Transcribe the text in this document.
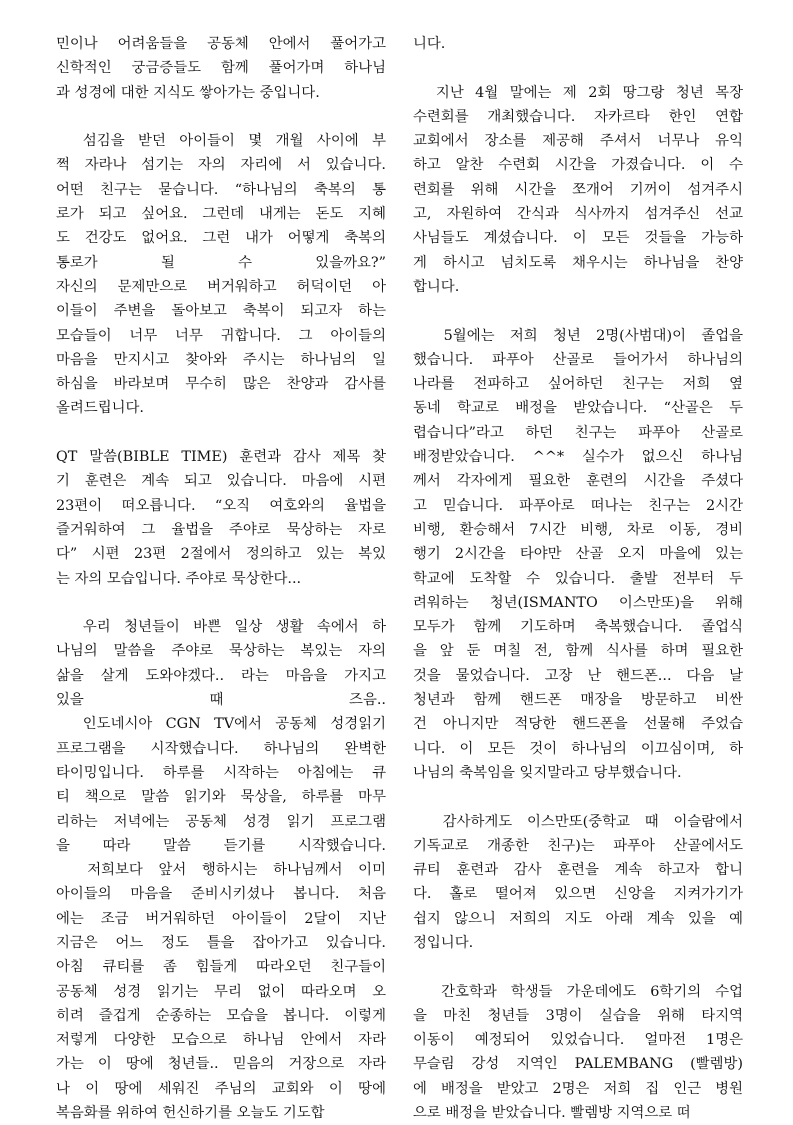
민이나 어려움들을 공동체 안에서 풀어가고
신학적인 궁금증들도 함께 풀어가며 하나님
과 성경에 대한 지식도 쌓아가는 중입니다.
섬김을 받던 아이들이 몇 개월 사이에 부
쩍 자라나 섬기는 자의 자리에 서 있습니다.
어떤 친구는 묻습니다. “하나님의 축복의 통
로가 되고 싶어요. 그런데 내게는 돈도 지혜
도 건강도 없어요. 그런 내가 어떻게 축복의
통로가 될 수 있을까요?”
자신의 문제만으로 버거워하고 허덕이던 아
이들이 주변을 돌아보고 축복이 되고자 하는
모습들이 너무 너무 귀합니다. 그 아이들의
마음을 만지시고 찾아와 주시는 하나님의 일
하심을 바라보며 무수히 많은 찬양과 감사를
올려드립니다.
QT 말씀(BIBLE TIME) 훈련과 감사 제목 찾
기 훈련은 계속 되고 있습니다. 마음에 시편
23편이 떠오릅니다. “오직 여호와의 율법을
즐거워하여 그 율법을 주야로 묵상하는 자로
다” 시편 23편 2절에서 정의하고 있는 복있
는 자의 모습입니다. 주야로 묵상한다...
우리 청년들이 바쁜 일상 생활 속에서 하
나님의 말씀을 주야로 묵상하는 복있는 자의
삶을 살게 도와야겠다.. 라는 마음을 가지고
있을 때 즈음..
인도네시아 CGN TV에서 공동체 성경읽기
프로그램을 시작했습니다. 하나님의 완벽한
타이밍입니다. 하루를 시작하는 아침에는 큐
티 책으로 말씀 읽기와 묵상을, 하루를 마무
리하는 저녁에는 공동체 성경 읽기 프로그램
을 따라 말씀 듣기를 시작했습니다.
저희보다 앞서 행하시는 하나님께서 이미
아이들의 마음을 준비시키셨나 봅니다. 처음
에는 조금 버거워하던 아이들이 2달이 지난
지금은 어느 정도 틀을 잡아가고 있습니다.
아침 큐티를 좀 힘들게 따라오던 친구들이
공동체 성경 읽기는 무리 없이 따라오며 오
히려 즐겁게 순종하는 모습을 봅니다. 이렇게
저렇게 다양한 모습으로 하나님 안에서 자라
가는 이 땅에 청년들.. 믿음의 거장으로 자라
나 이 땅에 세워진 주님의 교회와 이 땅에
복음화를 위하여 헌신하기를 오늘도 기도합
니다.
지난 4월 말에는 제 2회 땅그랑 청년 목장
수련회를 개최했습니다. 자카르타 한인 연합
교회에서 장소를 제공해 주셔서 너무나 유익
하고 알찬 수련회 시간을 가졌습니다. 이 수
련회를 위해 시간을 쪼개어 기꺼이 섬겨주시
고, 자원하여 간식과 식사까지 섬겨주신 선교
사님들도 계셨습니다. 이 모든 것들을 가능하
게 하시고 넘치도록 채우시는 하나님을 찬양
합니다.
5월에는 저희 청년 2명(사범대)이 졸업을
했습니다. 파푸아 산골로 들어가서 하나님의
나라를 전파하고 싶어하던 친구는 저희 옆
동네 학교로 배정을 받았습니다. “산골은 두
렵습니다”라고 하던 친구는 파푸아 산골로
배정받았습니다. ^^* 실수가 없으신 하나님
께서 각자에게 필요한 훈련의 시간을 주셨다
고 믿습니다. 파푸아로 떠나는 친구는 2시간
비행, 환승해서 7시간 비행, 차로 이동, 경비
행기 2시간을 타야만 산골 오지 마을에 있는
학교에 도착할 수 있습니다. 출발 전부터 두
려워하는 청년(ISMANTO 이스만또)을 위해
모두가 함께 기도하며 축복했습니다. 졸업식
을 앞 둔 며칠 전, 함께 식사를 하며 필요한
것을 물었습니다. 고장 난 핸드폰... 다음 날
청년과 함께 핸드폰 매장을 방문하고 비싼
건 아니지만 적당한 핸드폰을 선물해 주었습
니다. 이 모든 것이 하나님의 이끄심이며, 하
나님의 축복임을 잊지말라고 당부했습니다.
감사하게도 이스만또(중학교 때 이슬람에서
기독교로 개종한 친구)는 파푸아 산골에서도
큐티 훈련과 감사 훈련을 계속 하고자 합니
다. 홀로 떨어져 있으면 신앙을 지켜가기가
쉽지 않으니 저희의 지도 아래 계속 있을 예
정입니다.
간호학과 학생들 가운데에도 6학기의 수업
을 마친 청년들 3명이 실습을 위해 타지역
이동이 예정되어 있었습니다. 얼마전 1명은
무슬림 강성 지역인 PALEMBANG (빨렘방)
에 배정을 받았고 2명은 저희 집 인근 병원
으로 배정을 받았습니다. 빨렘방 지역으로 떠
